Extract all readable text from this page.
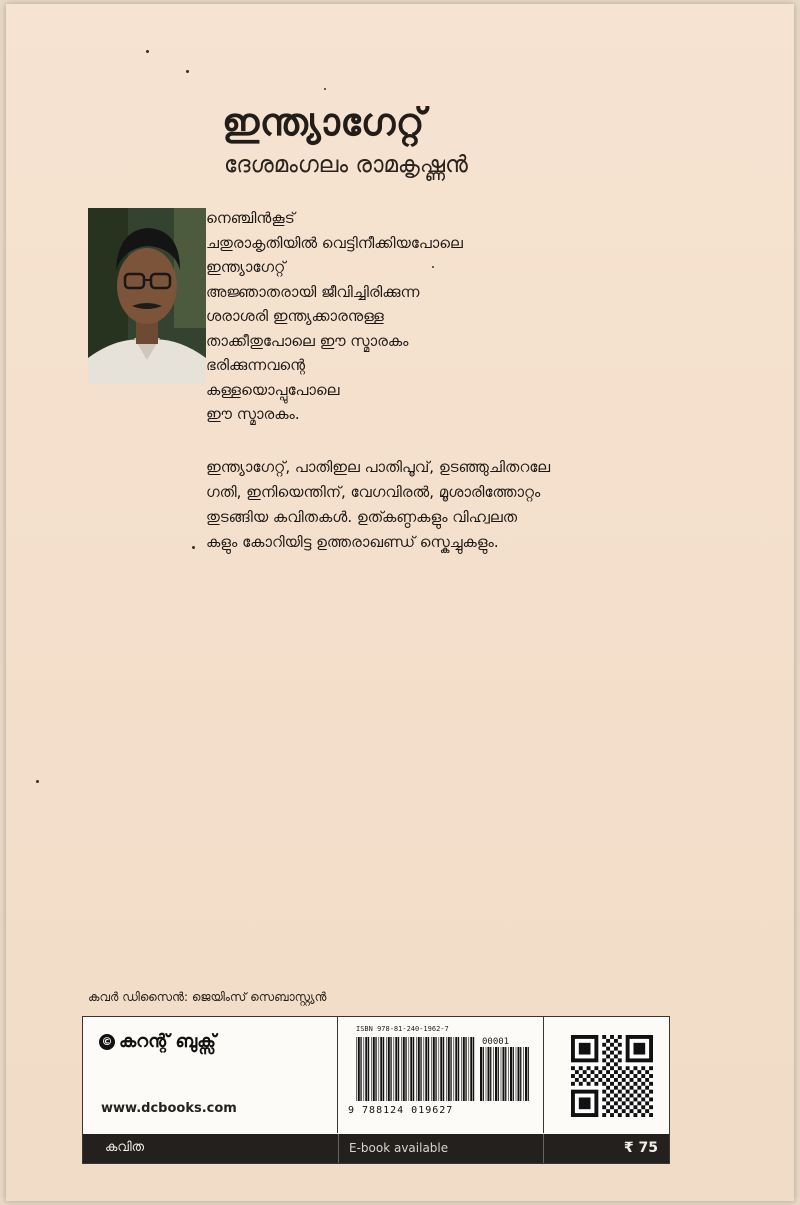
ഇന്ത്യാഗേറ്റ്
ദേശമംഗലം രാമകൃഷ്ണൻ
നെഞ്ചിൻകൂട്
ചതുരാകൃതിയിൽ വെട്ടിനീക്കിയപോലെ
ഇന്ത്യാഗേറ്റ്
അജ്ഞാതരായി ജീവിച്ചിരിക്കുന്ന
ശരാശരി ഇന്ത്യക്കാരനുള്ള
താക്കീതുപോലെ ഈ സ്മാരകം
ഭരിക്കുന്നവന്റെ
കള്ളയൊപ്പുപോലെ
ഈ സ്മാരകം.
ഇന്ത്യാഗേറ്റ്, പാതിഇല പാതിപൂവ്, ഉടഞ്ഞുചിതറലേ
ഗതി, ഇനിയെന്തിന്, വേഗവിരൽ, മൂശാരിത്തോറ്റം
തുടങ്ങിയ കവിതകൾ. ഉത്കണ്ഠകളും വിഹ്വലത
കളും കോറിയിട്ട ഉത്തരാഖണ്ഡ് സ്കെച്ചുകളും.
കവർ ഡിസൈൻ: ജെയിംസ് സെബാസ്റ്റ്യൻ
© കറന്റ് ബുക്സ്
www.dcbooks.com
ISBN 978-81-240-1962-7
00001
9 788124 019627
കവിത	E-book available	₹ 75
